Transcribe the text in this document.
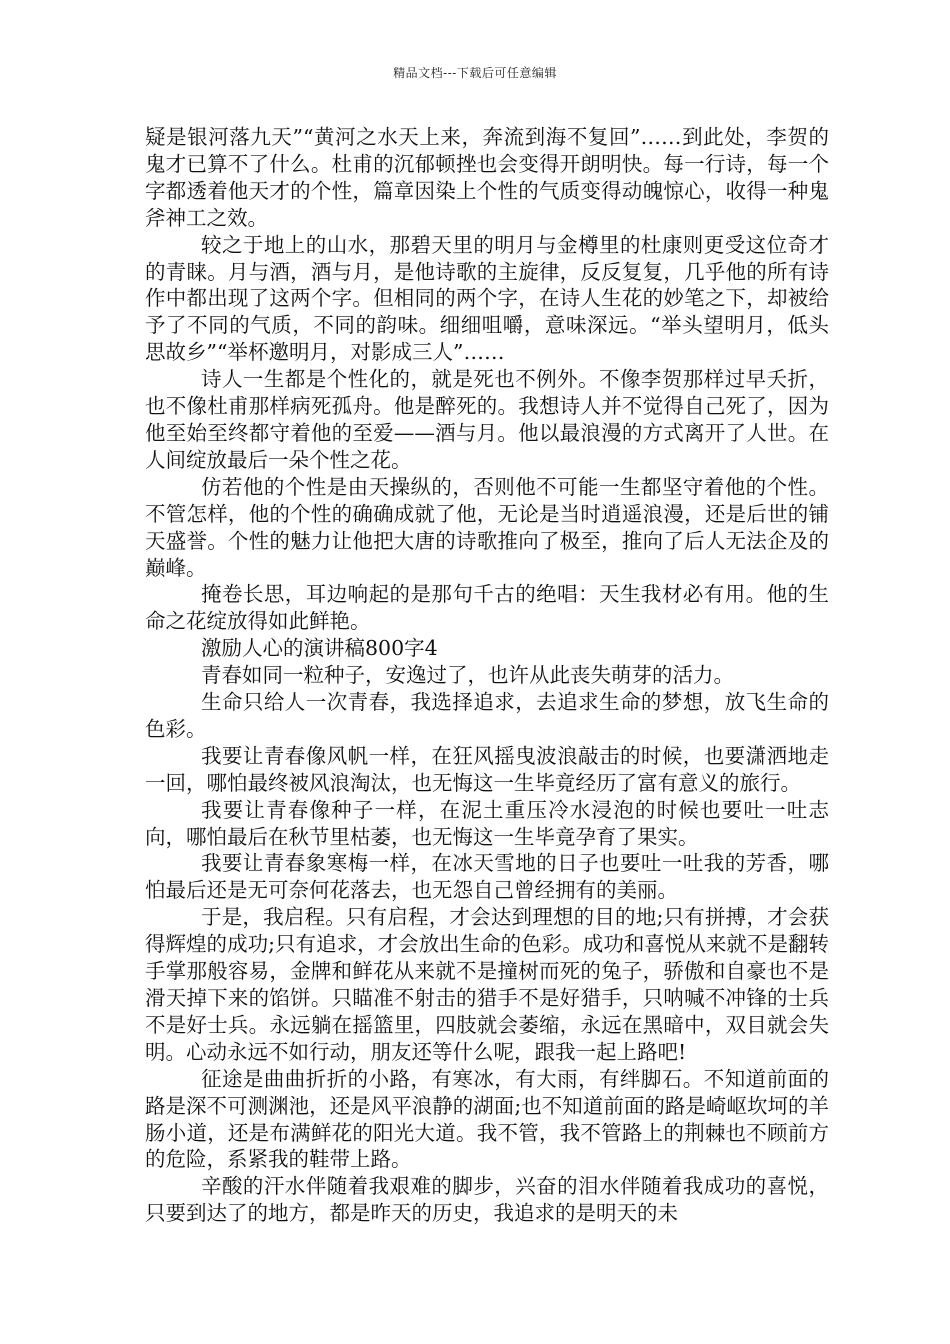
精品文档---下载后可任意编辑

疑是银河落九天”“黄河之水天上来，奔流到海不复回”……到此处，李贺的鬼才已算不了什么。杜甫的沉郁顿挫也会变得开朗明快。每一行诗，每一个字都透着他天才的个性，篇章因染上个性的气质变得动魄惊心，收得一种鬼斧神工之效。

较之于地上的山水，那碧天里的明月与金樽里的杜康则更受这位奇才的青睐。月与酒，酒与月，是他诗歌的主旋律，反反复复，几乎他的所有诗作中都出现了这两个字。但相同的两个字，在诗人生花的妙笔之下，却被给予了不同的气质，不同的韵味。细细咀嚼，意味深远。“举头望明月，低头思故乡”“举杯邀明月，对影成三人”……

诗人一生都是个性化的，就是死也不例外。不像李贺那样过早夭折，也不像杜甫那样病死孤舟。他是醉死的。我想诗人并不觉得自己死了，因为他至始至终都守着他的至爱——酒与月。他以最浪漫的方式离开了人世。在人间绽放最后一朵个性之花。

仿若他的个性是由天操纵的，否则他不可能一生都坚守着他的个性。不管怎样，他的个性的确确成就了他，无论是当时逍遥浪漫，还是后世的铺天盛誉。个性的魅力让他把大唐的诗歌推向了极至，推向了后人无法企及的巅峰。

掩卷长思，耳边响起的是那句千古的绝唱：天生我材必有用。他的生命之花绽放得如此鲜艳。

激励人心的演讲稿800字4

青春如同一粒种子，安逸过了，也许从此丧失萌芽的活力。

生命只给人一次青春，我选择追求，去追求生命的梦想，放飞生命的色彩。

我要让青春像风帆一样，在狂风摇曳波浪敲击的时候，也要潇洒地走一回，哪怕最终被风浪淘汰，也无悔这一生毕竟经历了富有意义的旅行。

我要让青春像种子一样，在泥土重压冷水浸泡的时候也要吐一吐志向，哪怕最后在秋节里枯萎，也无悔这一生毕竟孕育了果实。

我要让青春象寒梅一样，在冰天雪地的日子也要吐一吐我的芳香，哪怕最后还是无可奈何花落去，也无怨自己曾经拥有的美丽。

于是，我启程。只有启程，才会达到理想的目的地;只有拼搏，才会获得辉煌的成功;只有追求，才会放出生命的色彩。成功和喜悦从来就不是翻转手掌那般容易，金牌和鲜花从来就不是撞树而死的兔子，骄傲和自豪也不是滑天掉下来的馅饼。只瞄准不射击的猎手不是好猎手，只呐喊不冲锋的士兵不是好士兵。永远躺在摇篮里，四肢就会萎缩，永远在黑暗中，双目就会失明。心动永远不如行动，朋友还等什么呢，跟我一起上路吧!

征途是曲曲折折的小路，有寒冰，有大雨，有绊脚石。不知道前面的路是深不可测渊池，还是风平浪静的湖面;也不知道前面的路是崎岖坎坷的羊肠小道，还是布满鲜花的阳光大道。我不管，我不管路上的荆棘也不顾前方的危险，系紧我的鞋带上路。

辛酸的汗水伴随着我艰难的脚步，兴奋的泪水伴随着我成功的喜悦，只要到达了的地方，都是昨天的历史，我追求的是明天的未
